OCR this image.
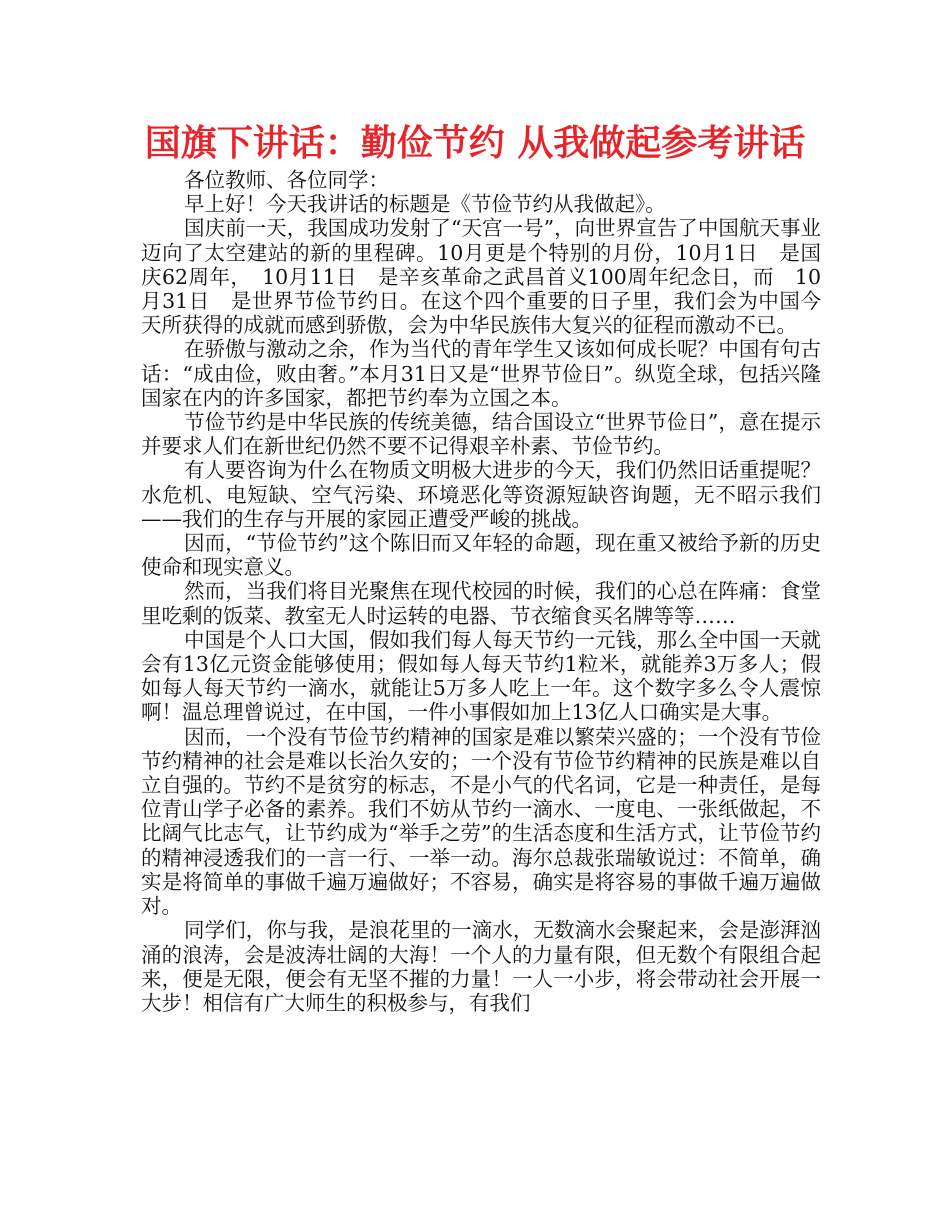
国旗下讲话：勤俭节约 从我做起参考讲话

各位教师、各位同学：

早上好！今天我讲话的标题是《节俭节约从我做起》。

国庆前一天，我国成功发射了“天宫一号”，向世界宣告了中国航天事业迈向了太空建站的新的里程碑。10月更是个特别的月份，10月1日　是国庆62周年，　10月11日　是辛亥革命之武昌首义100周年纪念日，而　10月31日　是世界节俭节约日。在这个四个重要的日子里，我们会为中国今天所获得的成就而感到骄傲，会为中华民族伟大复兴的征程而激动不已。

在骄傲与激动之余，作为当代的青年学生又该如何成长呢？中国有句古话：“成由俭，败由奢。”本月31日又是“世界节俭日”。纵览全球，包括兴隆国家在内的许多国家，都把节约奉为立国之本。

节俭节约是中华民族的传统美德，结合国设立“世界节俭日”，意在提示并要求人们在新世纪仍然不要不记得艰辛朴素、节俭节约。

有人要咨询为什么在物质文明极大进步的今天，我们仍然旧话重提呢？水危机、电短缺、空气污染、环境恶化等资源短缺咨询题，无不昭示我们——我们的生存与开展的家园正遭受严峻的挑战。

因而，“节俭节约”这个陈旧而又年轻的命题，现在重又被给予新的历史使命和现实意义。

然而，当我们将目光聚焦在现代校园的时候，我们的心总在阵痛：食堂里吃剩的饭菜、教室无人时运转的电器、节衣缩食买名牌等等……

中国是个人口大国，假如我们每人每天节约一元钱，那么全中国一天就会有13亿元资金能够使用；假如每人每天节约1粒米，就能养3万多人；假如每人每天节约一滴水，就能让5万多人吃上一年。这个数字多么令人震惊啊！温总理曾说过，在中国，一件小事假如加上13亿人口确实是大事。

因而，一个没有节俭节约精神的国家是难以繁荣兴盛的；一个没有节俭节约精神的社会是难以长治久安的；一个没有节俭节约精神的民族是难以自立自强的。节约不是贫穷的标志，不是小气的代名词，它是一种责任，是每位青山学子必备的素养。我们不妨从节约一滴水、一度电、一张纸做起，不比阔气比志气，让节约成为“举手之劳”的生活态度和生活方式，让节俭节约的精神浸透我们的一言一行、一举一动。海尔总裁张瑞敏说过：不简单，确实是将简单的事做千遍万遍做好；不容易，确实是将容易的事做千遍万遍做对。

同学们，你与我，是浪花里的一滴水，无数滴水会聚起来，会是澎湃汹涌的浪涛，会是波涛壮阔的大海！一个人的力量有限，但无数个有限组合起来，便是无限，便会有无坚不摧的力量！一人一小步，将会带动社会开展一大步！相信有广大师生的积极参与，有我们
